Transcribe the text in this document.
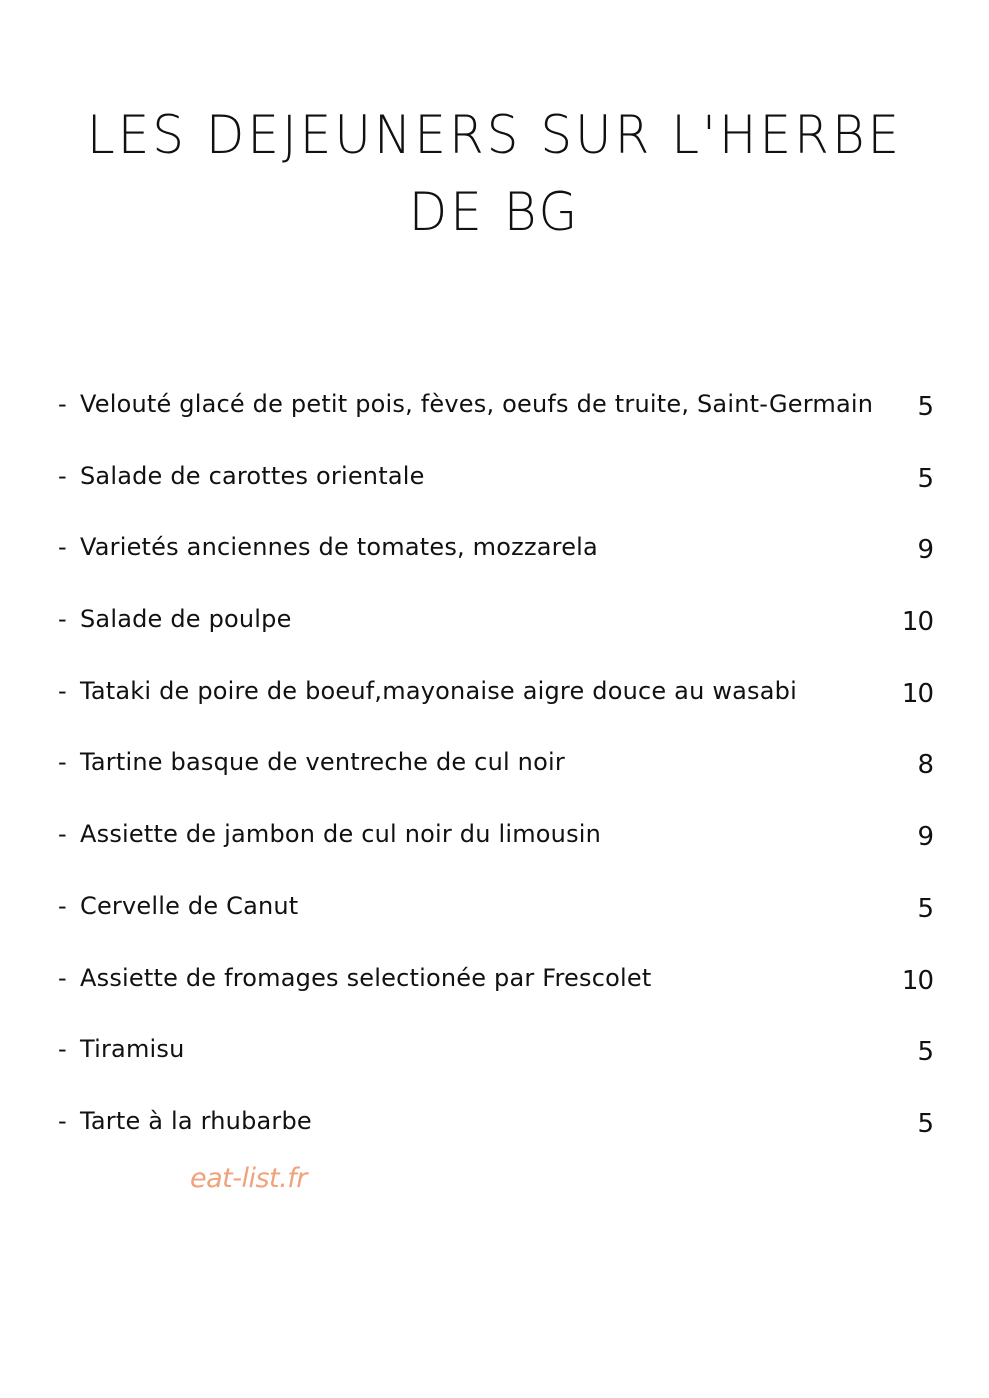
LES DEJEUNERS SUR L'HERBE
DE BG
- Velouté glacé de petit pois, fèves, oeufs de truite, Saint-Germain 5
- Salade de carottes orientale	5
- Varietés anciennes de tomates, mozzarela	9
- Salade de poulpe	10
- Tataki de poire de boeuf,mayonaise aigre douce au wasabi	10
- Tartine basque de ventreche de cul noir	8
- Assiette de jambon de cul noir du limousin	9
- Cervelle de Canut	5
- Assiette de fromages selectionée par Frescolet	10
- Tiramisu	5
- Tarte à la rhubarbe	5
eat-list.fr
